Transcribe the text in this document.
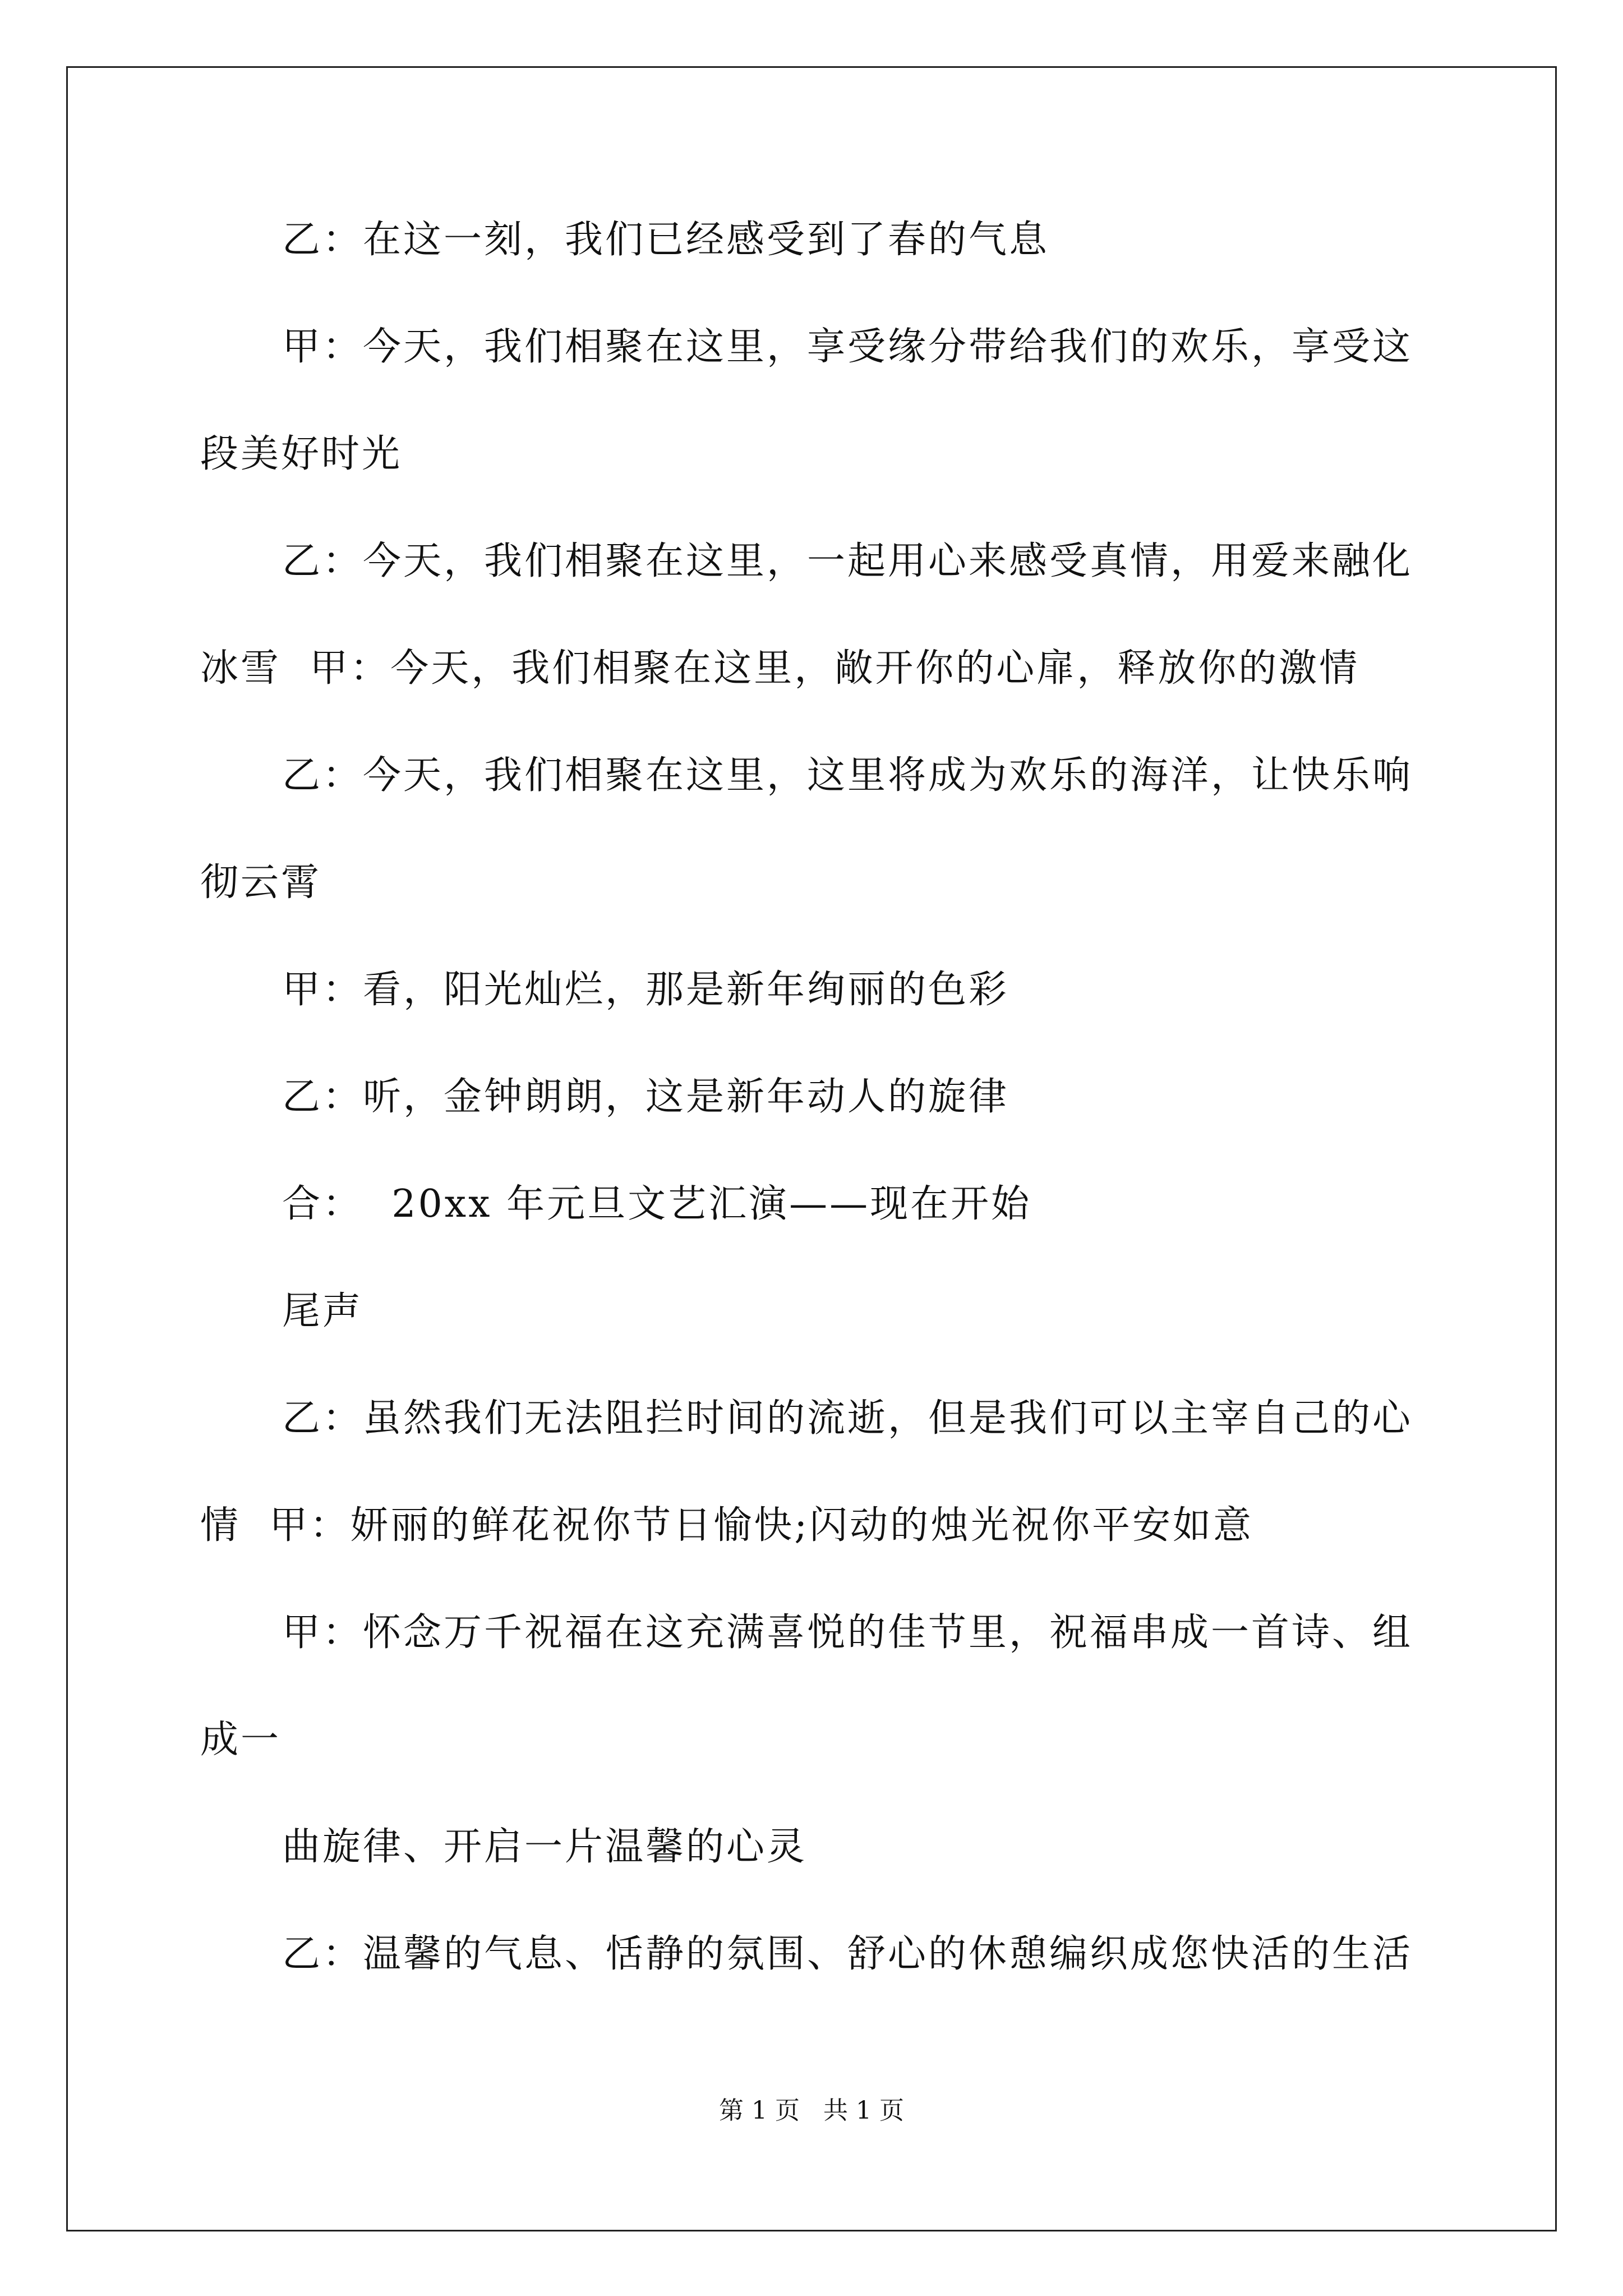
乙：在这一刻，我们已经感受到了春的气息
甲：今天，我们相聚在这里，享受缘分带给我们的欢乐，享受这
段美好时光
乙：今天，我们相聚在这里，一起用心来感受真情，用爱来融化
冰雪  甲：今天，我们相聚在这里，敞开你的心扉，释放你的激情
乙：今天，我们相聚在这里，这里将成为欢乐的海洋，让快乐响
彻云霄
甲：看，阳光灿烂，那是新年绚丽的色彩
乙：听，金钟朗朗，这是新年动人的旋律
合：  20xx 年元旦文艺汇演——现在开始
尾声
乙：虽然我们无法阻拦时间的流逝，但是我们可以主宰自己的心
情  甲：妍丽的鲜花祝你节日愉快;闪动的烛光祝你平安如意
甲：怀念万千祝福在这充满喜悦的佳节里，祝福串成一首诗、组
成一
曲旋律、开启一片温馨的心灵
乙：温馨的气息、恬静的氛围、舒心的休憩编织成您快活的生活
第 1 页   共 1 页
